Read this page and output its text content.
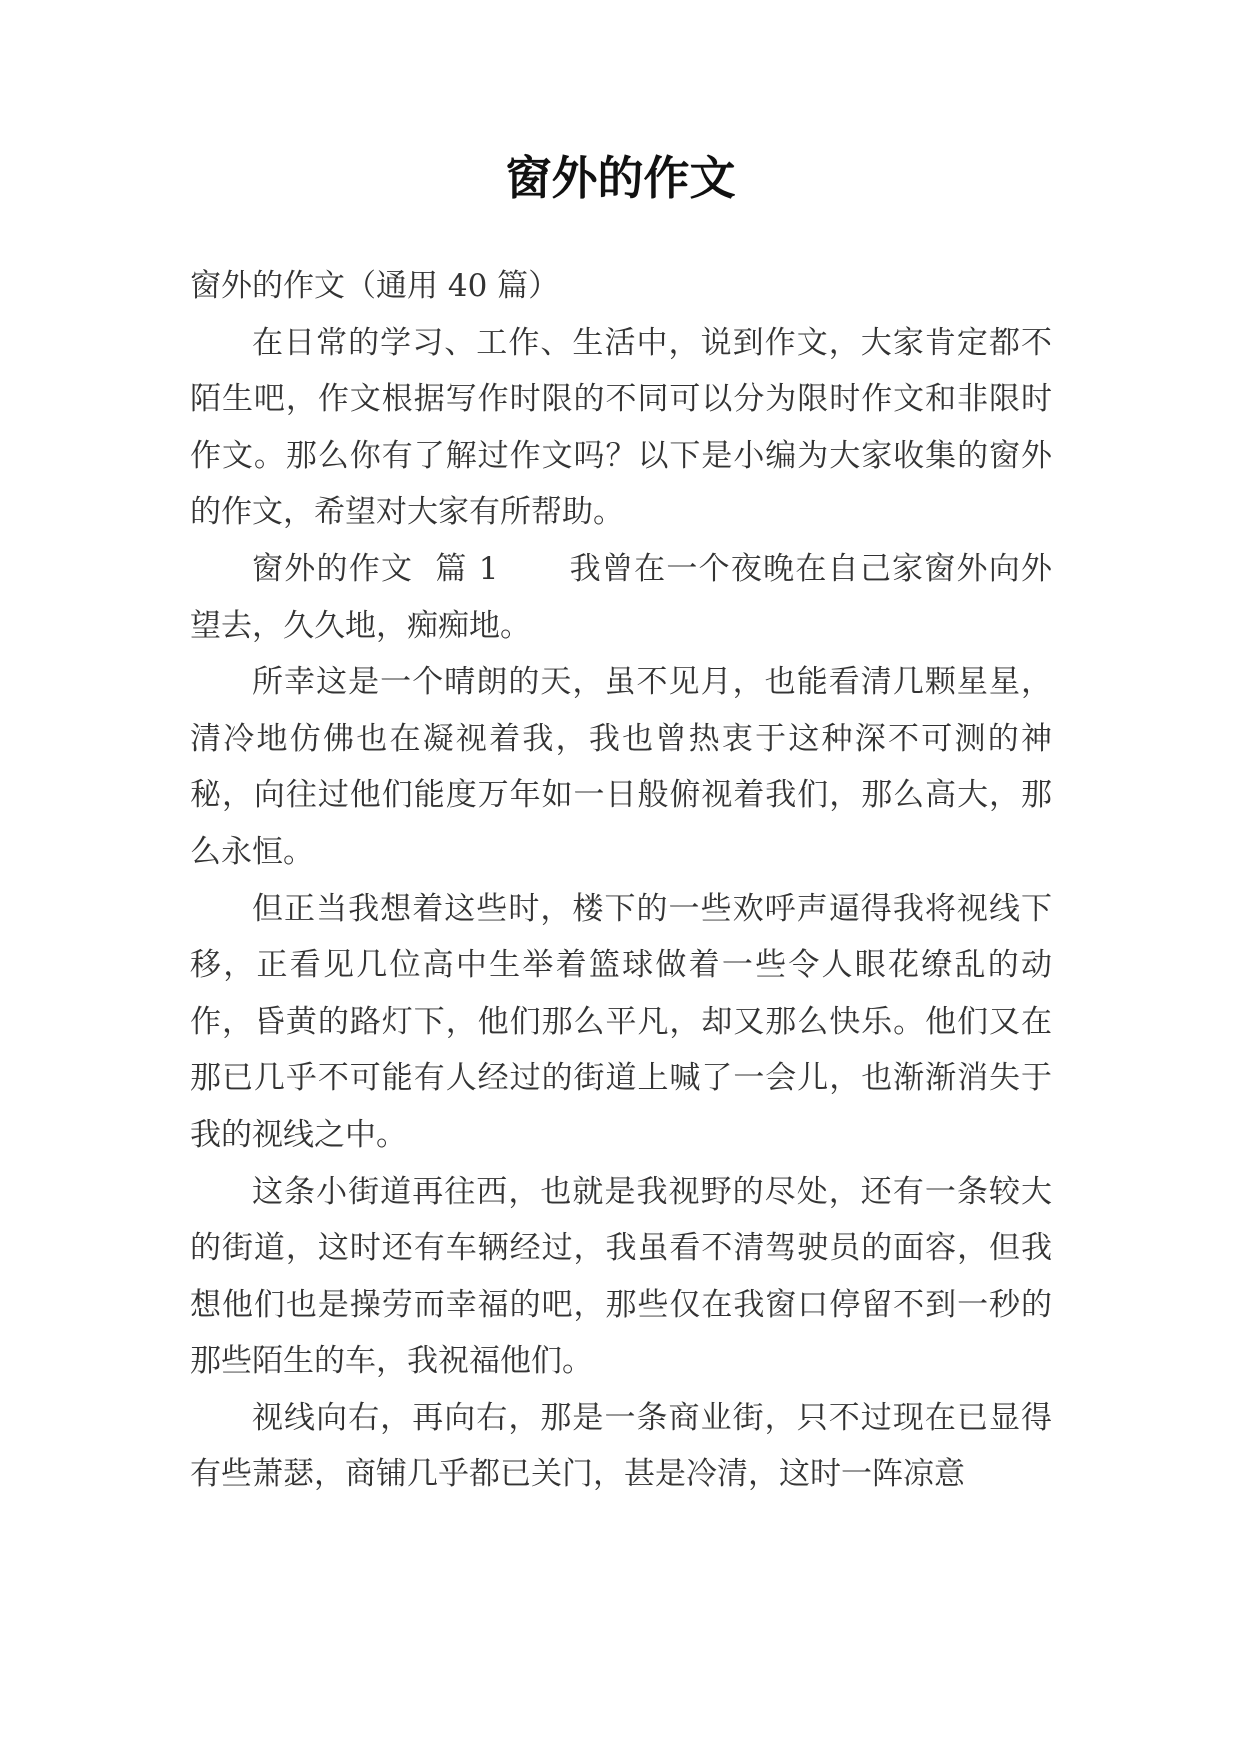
窗外的作文

窗外的作文（通用 40 篇）

在日常的学习、工作、生活中，说到作文，大家肯定都不陌生吧，作文根据写作时限的不同可以分为限时作文和非限时作文。那么你有了解过作文吗？以下是小编为大家收集的窗外的作文，希望对大家有所帮助。

窗外的作文  篇 1 我曾在一个夜晚在自己家窗外向外望去，久久地，痴痴地。

所幸这是一个晴朗的天，虽不见月，也能看清几颗星星，清冷地仿佛也在凝视着我，我也曾热衷于这种深不可测的神秘，向往过他们能度万年如一日般俯视着我们，那么高大，那么永恒。

但正当我想着这些时，楼下的一些欢呼声逼得我将视线下移，正看见几位高中生举着篮球做着一些令人眼花缭乱的动作，昏黄的路灯下，他们那么平凡，却又那么快乐。他们又在那已几乎不可能有人经过的街道上喊了一会儿，也渐渐消失于我的视线之中。

这条小街道再往西，也就是我视野的尽处，还有一条较大的街道，这时还有车辆经过，我虽看不清驾驶员的面容，但我想他们也是操劳而幸福的吧，那些仅在我窗口停留不到一秒的那些陌生的车，我祝福他们。

视线向右，再向右，那是一条商业街，只不过现在已显得有些萧瑟，商铺几乎都已关门，甚是冷清，这时一阵凉意
